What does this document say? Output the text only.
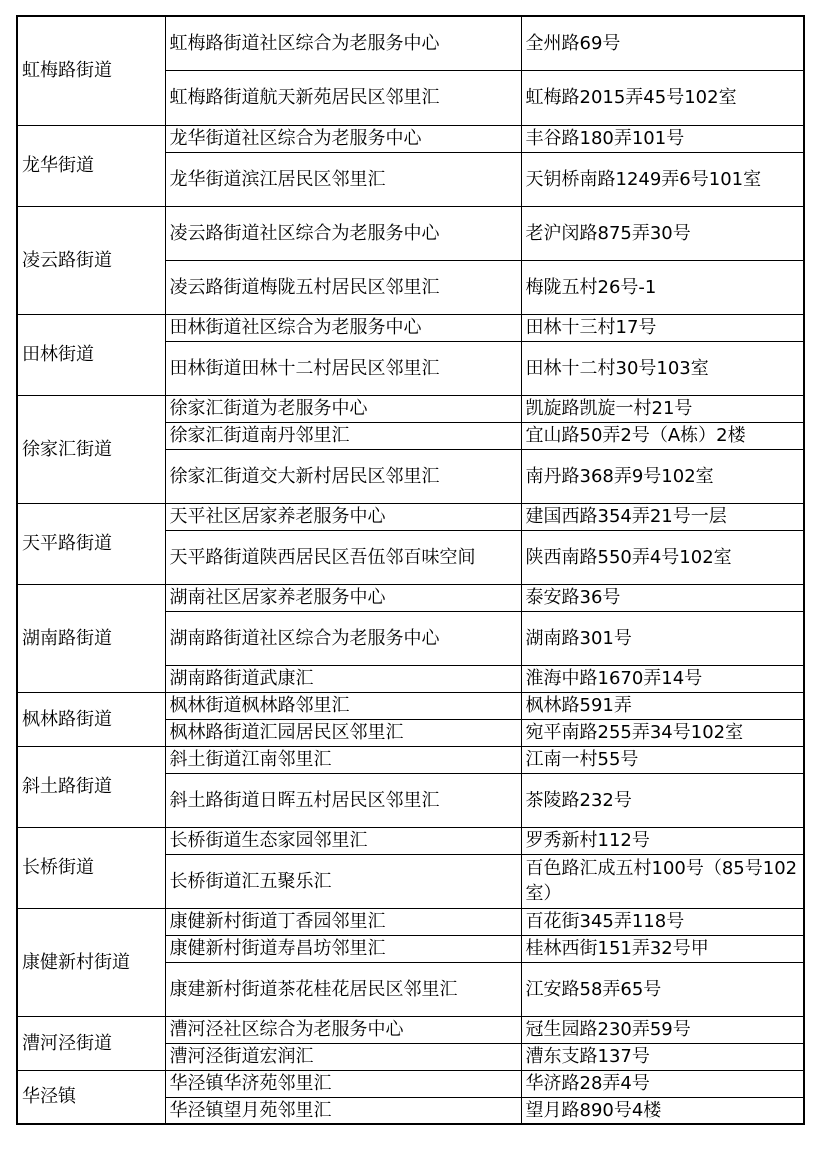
虹梅路街道	虹梅路街道社区综合为老服务中心	全州路69号
	虹梅路街道航天新苑居民区邻里汇	虹梅路2015弄45号102室
龙华街道	龙华街道社区综合为老服务中心	丰谷路180弄101号
	龙华街道滨江居民区邻里汇	天钥桥南路1249弄6号101室
凌云路街道	凌云路街道社区综合为老服务中心	老沪闵路875弄30号
	凌云路街道梅陇五村居民区邻里汇	梅陇五村26号-1
田林街道	田林街道社区综合为老服务中心	田林十三村17号
	田林街道田林十二村居民区邻里汇	田林十二村30号103室
徐家汇街道	徐家汇街道为老服务中心	凯旋路凯旋一村21号
	徐家汇街道南丹邻里汇	宜山路50弄2号（A栋）2楼
	徐家汇街道交大新村居民区邻里汇	南丹路368弄9号102室
天平路街道	天平社区居家养老服务中心	建国西路354弄21号一层
	天平路街道陕西居民区吾伍邻百味空间	陕西南路550弄4号102室
湖南路街道	湖南社区居家养老服务中心	泰安路36号
	湖南路街道社区综合为老服务中心	湖南路301号
	湖南路街道武康汇	淮海中路1670弄14号
枫林路街道	枫林街道枫林路邻里汇	枫林路591弄
	枫林路街道汇园居民区邻里汇	宛平南路255弄34号102室
斜土路街道	斜土街道江南邻里汇	江南一村55号
	斜土路街道日晖五村居民区邻里汇	茶陵路232号
长桥街道	长桥街道生态家园邻里汇	罗秀新村112号
	长桥街道汇五聚乐汇	百色路汇成五村100号（85号102室）
康健新村街道	康健新村街道丁香园邻里汇	百花街345弄118号
	康健新村街道寿昌坊邻里汇	桂林西街151弄32号甲
	康建新村街道茶花桂花居民区邻里汇	江安路58弄65号
漕河泾街道	漕河泾社区综合为老服务中心	冠生园路230弄59号
	漕河泾街道宏润汇	漕东支路137号
华泾镇	华泾镇华济苑邻里汇	华济路28弄4号
	华泾镇望月苑邻里汇	望月路890号4楼
